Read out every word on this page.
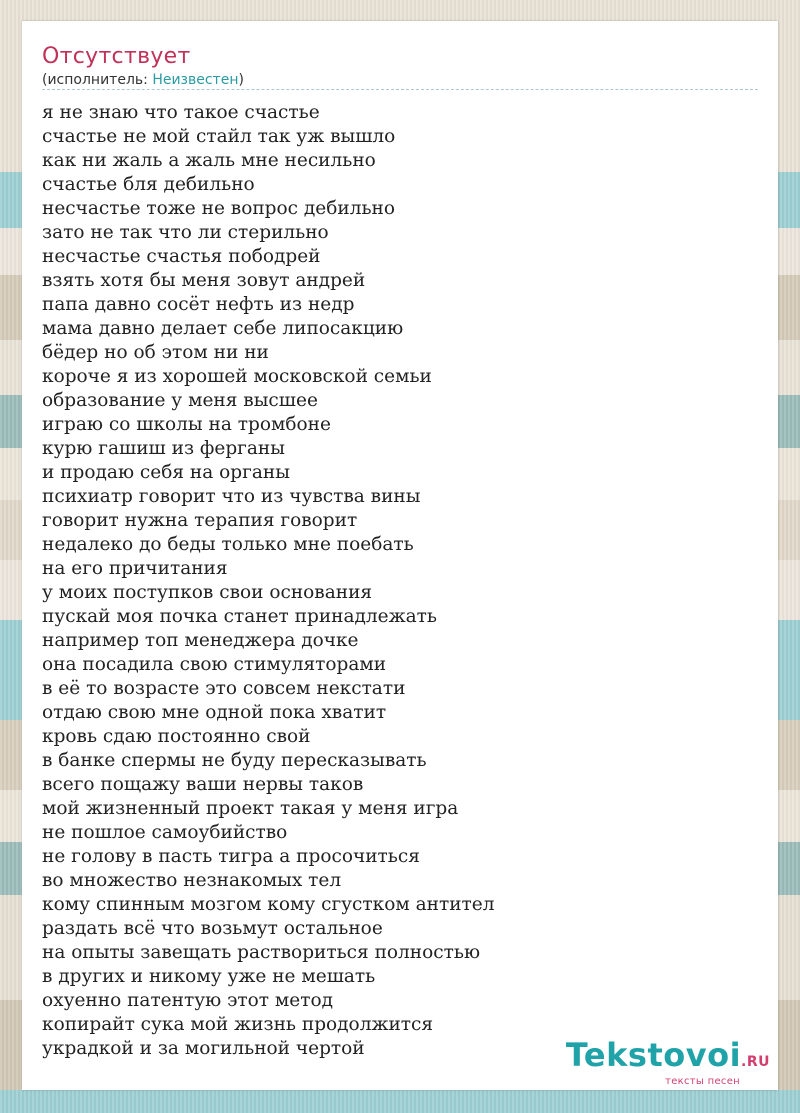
Отсутствует
(исполнитель: Неизвестен)
я не знаю что такое счастье
счастье не мой стайл так уж вышло
как ни жаль а жаль мне несильно
счастье бля дебильно
несчастье тоже не вопрос дебильно
зато не так что ли стерильно
несчастье счастья пободрей
взять хотя бы меня зовут андрей
папа давно сосёт нефть из недр
мама давно делает себе липосакцию
бёдер но об этом ни ни
короче я из хорошей московской семьи
образование у меня высшее
играю со школы на тромбоне
курю гашиш из ферганы
и продаю себя на органы
психиатр говорит что из чувства вины
говорит нужна терапия говорит
недалеко до беды только мне поебать
на его причитания
у моих поступков свои основания
пускай моя почка станет принадлежать
например топ менеджера дочке
она посадила свою стимуляторами
в её то возрасте это совсем некстати
отдаю свою мне одной пока хватит
кровь сдаю постоянно свой
в банке спермы не буду пересказывать
всего пощажу ваши нервы таков
мой жизненный проект такая у меня игра
не пошлое самоубийство
не голову в пасть тигра а просочиться
во множество незнакомых тел
кому спинным мозгом кому сгустком антител
раздать всё что возьмут остальное
на опыты завещать раствориться полностью
в других и никому уже не мешать
охуенно патентую этот метод
копирайт сука мой жизнь продолжится
украдкой и за могильной чертой	Tekstovoi.RU
тексты песен
